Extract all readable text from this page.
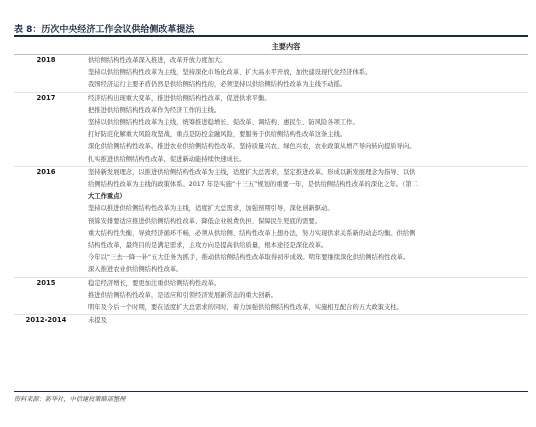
表 8：历次中央经济工作会议供给侧改革提法
主要内容
2018	供给侧结构性改革深入推进，改革开放力度加大。
坚持以供给侧结构性改革为主线，坚持深化市场化改革、扩大高水平开放，加快建设现代化经济体系。
我国经济运行主要矛盾仍然是供给侧结构性的，必须坚持以供给侧结构性改革为主线不动摇。
2017	经济结构出现重大变革，推进供给侧结构性改革，促进供求平衡。
把推进供给侧结构性改革作为经济工作的主线。
坚持以供给侧结构性改革为主线，统筹推进稳增长、促改革、调结构、惠民生、防风险各项工作。
打好防范化解重大风险攻坚战，重点是防控金融风险，要服务于供给侧结构性改革这条主线。
深化供给侧结构性改革。推进农业供给侧结构性改革，坚持质量兴农、绿色兴农，农业政策从增产导向转向提质导向。
扎实推进供给侧结构性改革，促进新动能持续快速成长。
2016	坚持新发展理念，以推进供给侧结构性改革为主线，适度扩大总需求，坚定推进改革。形成以新发展理念为指导、以供
给侧结构性改革为主线的政策体系。2017 年是实施“十三五”规划的重要一年，是供给侧结构性改革的深化之年。（第二
大工作重点）
坚持以推进供给侧结构性改革为主线，适度扩大总需求，加强预期引导，深化创新驱动。
预算安排要适应推进供给侧结构性改革、降低企业税费负担、保障民生兜底的需要。
重大结构性失衡，导致经济循环不畅，必须从供给侧、结构性改革上想办法，努力实现供求关系新的动态均衡。供给侧
结构性改革，最终目的是满足需求，主攻方向是提高供给质量，根本途径是深化改革。
今年以“三去一降一补”五大任务为抓手，推动供给侧结构性改革取得初步成效。明年要继续深化供给侧结构性改革。
深入推进农业供给侧结构性改革。
2015	稳定经济增长，要更加注重供给侧结构性改革。
推进供给侧结构性改革，是适应和引领经济发展新常态的重大创新。
明年及今后一个时期，要在适度扩大总需求的同时，着力加强供给侧结构性改革，实施相互配合的五大政策支柱。
2012-2014	未提及
资料来源：新华社，中信建投策略部整理
